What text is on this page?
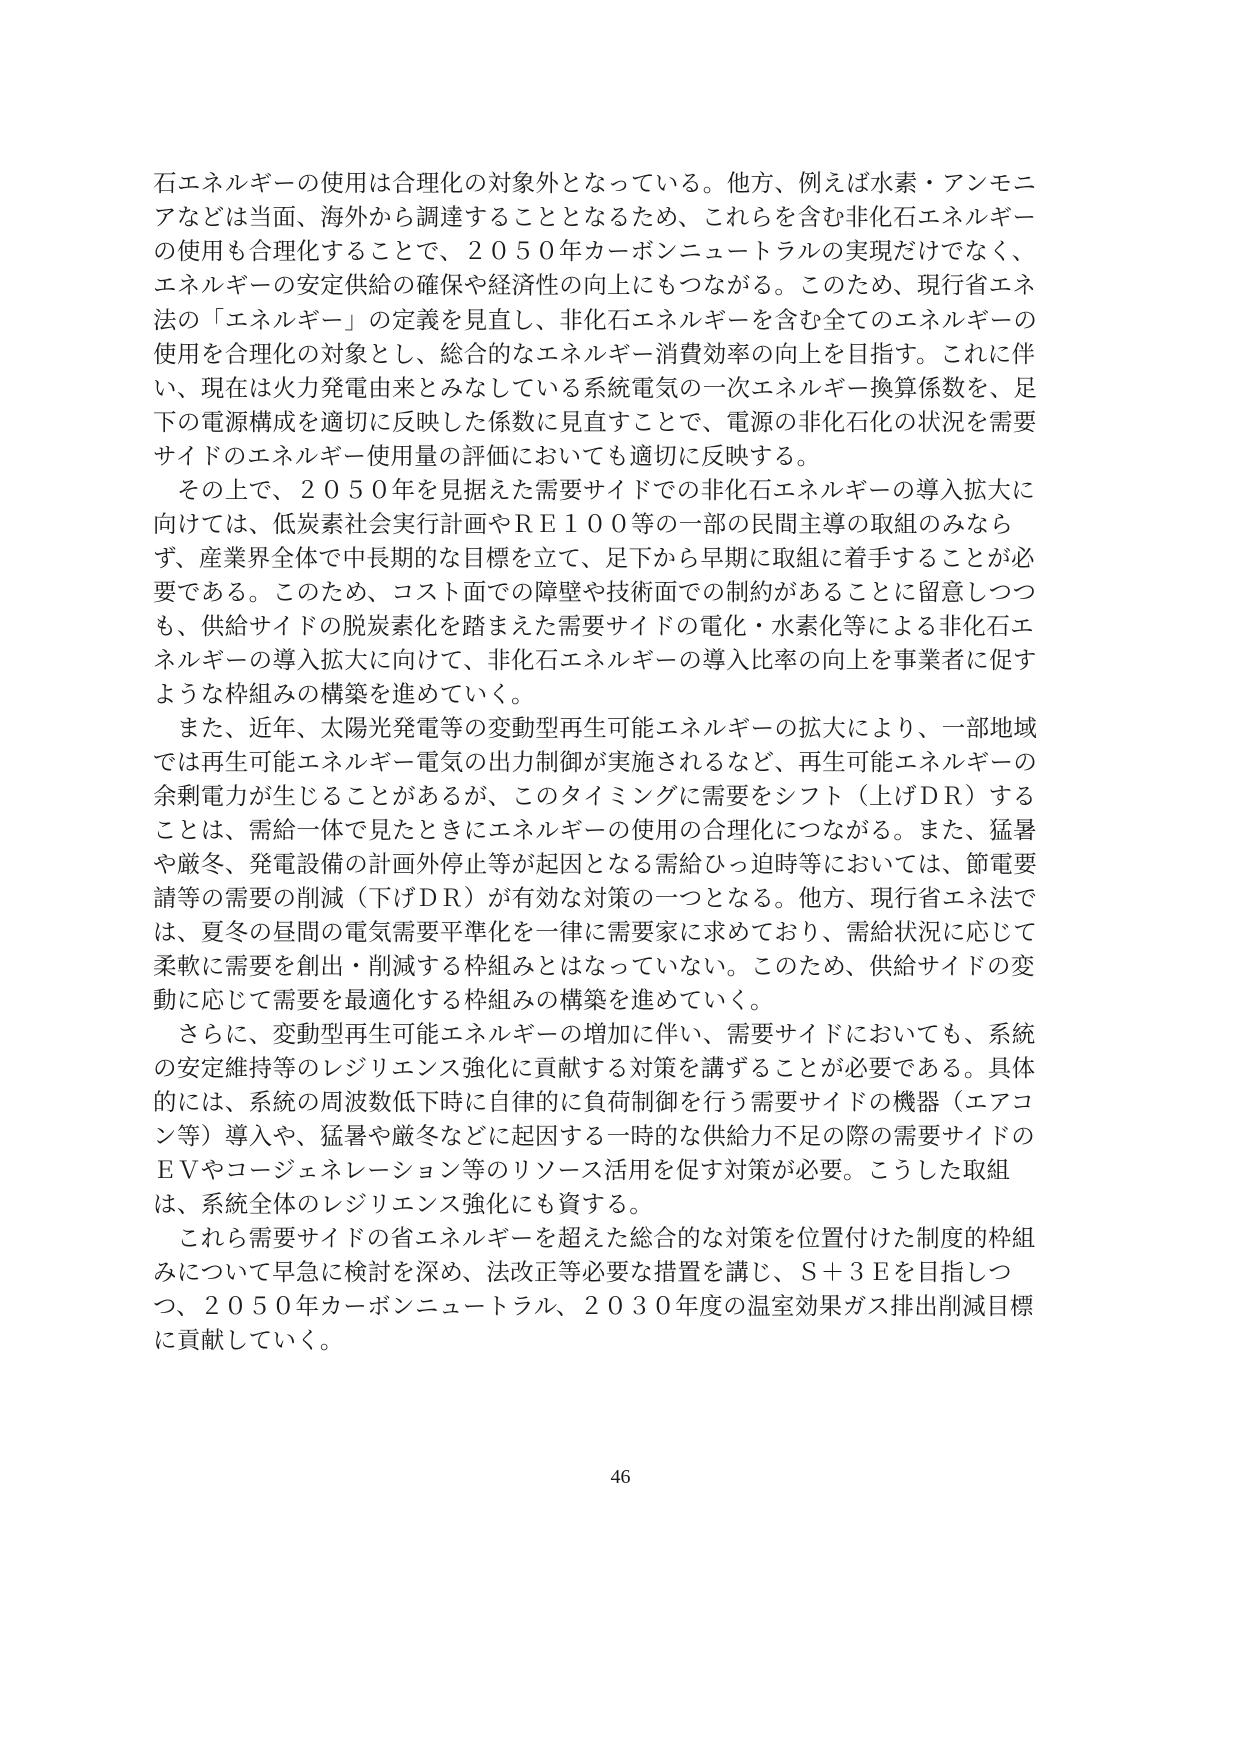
石エネルギーの使用は合理化の対象外となっている。他方、例えば水素・アンモニ
アなどは当面、海外から調達することとなるため、これらを含む非化石エネルギー
の使用も合理化することで、２０５０年カーボンニュートラルの実現だけでなく、
エネルギーの安定供給の確保や経済性の向上にもつながる。このため、現行省エネ
法の「エネルギー」の定義を見直し、非化石エネルギーを含む全てのエネルギーの
使用を合理化の対象とし、総合的なエネルギー消費効率の向上を目指す。これに伴
い、現在は火力発電由来とみなしている系統電気の一次エネルギー換算係数を、足
下の電源構成を適切に反映した係数に見直すことで、電源の非化石化の状況を需要
サイドのエネルギー使用量の評価においても適切に反映する。
　その上で、２０５０年を見据えた需要サイドでの非化石エネルギーの導入拡大に
向けては、低炭素社会実行計画やＲＥ１００等の一部の民間主導の取組のみなら
ず、産業界全体で中長期的な目標を立て、足下から早期に取組に着手することが必
要である。このため、コスト面での障壁や技術面での制約があることに留意しつつ
も、供給サイドの脱炭素化を踏まえた需要サイドの電化・水素化等による非化石エ
ネルギーの導入拡大に向けて、非化石エネルギーの導入比率の向上を事業者に促す
ような枠組みの構築を進めていく。
　また、近年、太陽光発電等の変動型再生可能エネルギーの拡大により、一部地域
では再生可能エネルギー電気の出力制御が実施されるなど、再生可能エネルギーの
余剰電力が生じることがあるが、このタイミングに需要をシフト（上げＤＲ）する
ことは、需給一体で見たときにエネルギーの使用の合理化につながる。また、猛暑
や厳冬、発電設備の計画外停止等が起因となる需給ひっ迫時等においては、節電要
請等の需要の削減（下げＤＲ）が有効な対策の一つとなる。他方、現行省エネ法で
は、夏冬の昼間の電気需要平準化を一律に需要家に求めており、需給状況に応じて
柔軟に需要を創出・削減する枠組みとはなっていない。このため、供給サイドの変
動に応じて需要を最適化する枠組みの構築を進めていく。
　さらに、変動型再生可能エネルギーの増加に伴い、需要サイドにおいても、系統
の安定維持等のレジリエンス強化に貢献する対策を講ずることが必要である。具体
的には、系統の周波数低下時に自律的に負荷制御を行う需要サイドの機器（エアコ
ン等）導入や、猛暑や厳冬などに起因する一時的な供給力不足の際の需要サイドの
ＥＶやコージェネレーション等のリソース活用を促す対策が必要。こうした取組
は、系統全体のレジリエンス強化にも資する。
　これら需要サイドの省エネルギーを超えた総合的な対策を位置付けた制度的枠組
みについて早急に検討を深め、法改正等必要な措置を講じ、Ｓ＋３Ｅを目指しつ
つ、２０５０年カーボンニュートラル、２０３０年度の温室効果ガス排出削減目標
に貢献していく。
46
